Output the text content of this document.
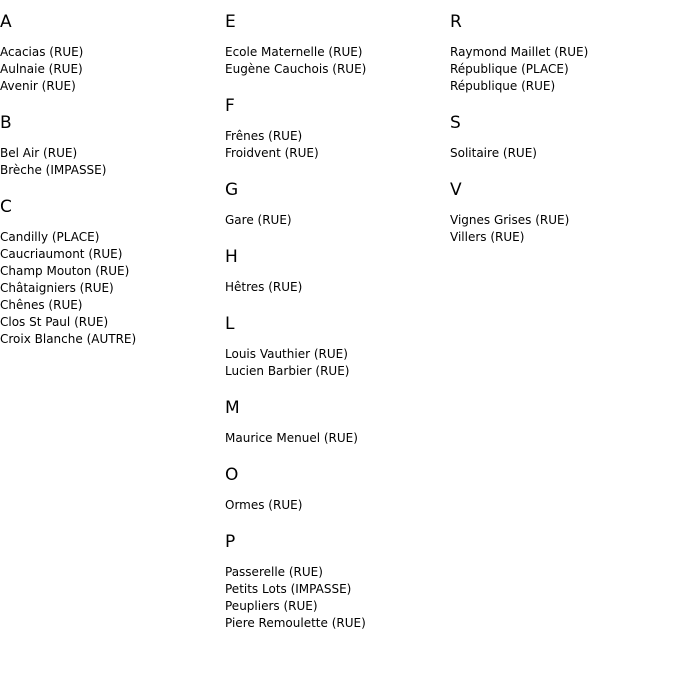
A
Acacias (RUE)
Aulnaie (RUE)
Avenir (RUE)
B
Bel Air (RUE)
Brèche (IMPASSE)
C
Candilly (PLACE)
Caucriaumont (RUE)
Champ Mouton (RUE)
Châtaigniers (RUE)
Chênes (RUE)
Clos St Paul (RUE)
Croix Blanche (AUTRE)
E
Ecole Maternelle (RUE)
Eugène Cauchois (RUE)
F
Frênes (RUE)
Froidvent (RUE)
G
Gare (RUE)
H
Hêtres (RUE)
L
Louis Vauthier (RUE)
Lucien Barbier (RUE)
M
Maurice Menuel (RUE)
O
Ormes (RUE)
P
Passerelle (RUE)
Petits Lots (IMPASSE)
Peupliers (RUE)
Piere Remoulette (RUE)
R
Raymond Maillet (RUE)
République (PLACE)
République (RUE)
S
Solitaire (RUE)
V
Vignes Grises (RUE)
Villers (RUE)
